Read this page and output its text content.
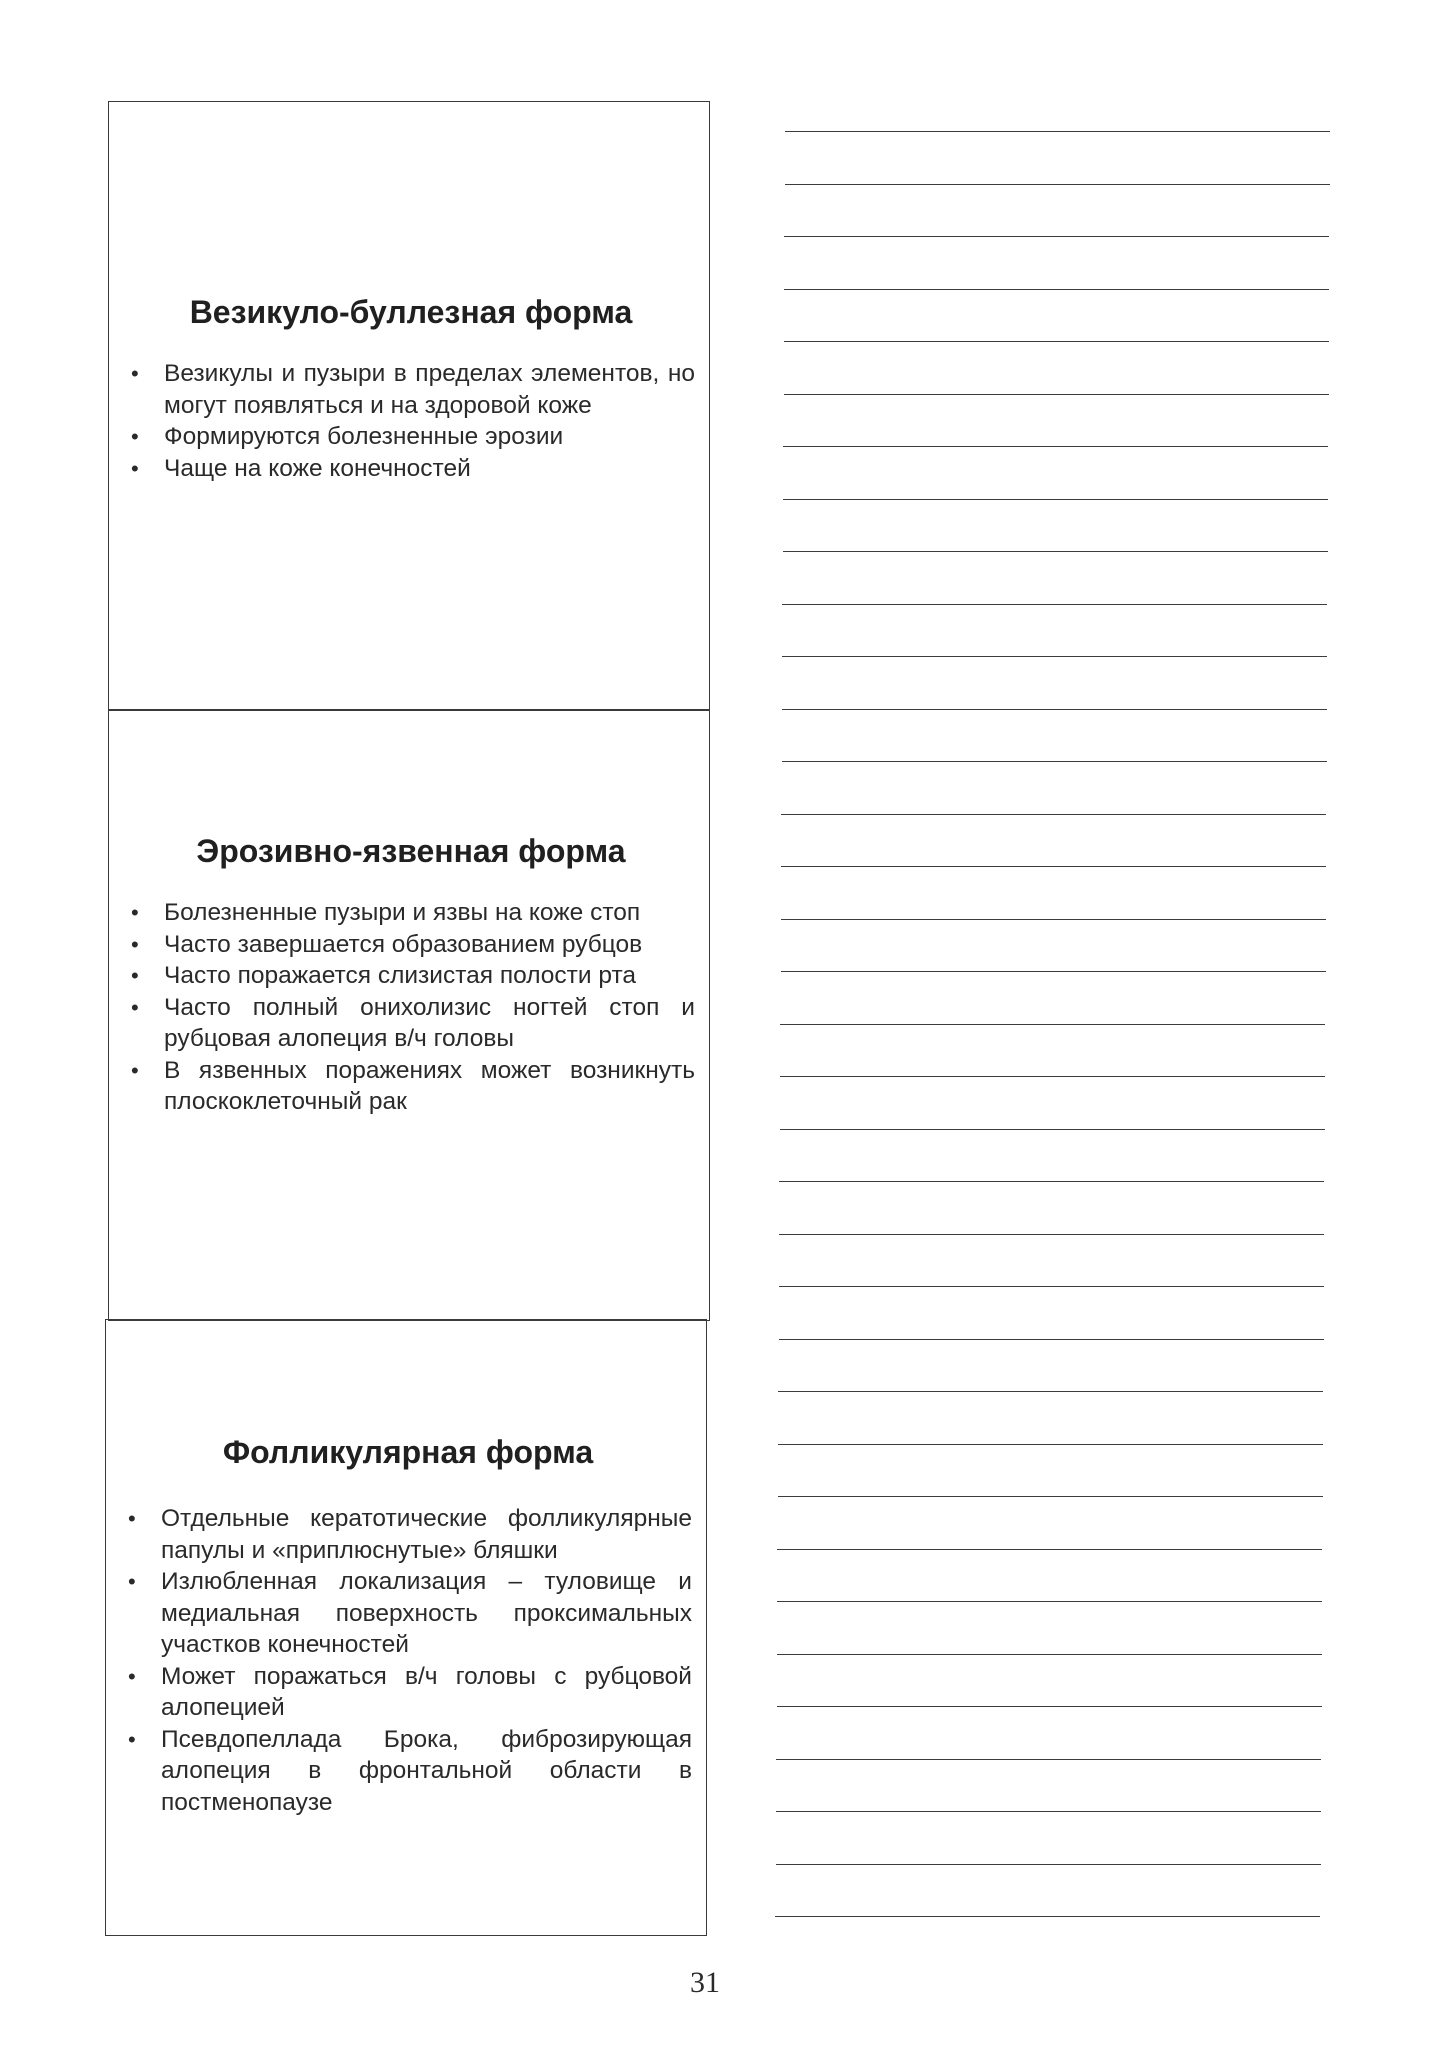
Везикуло-буллезная форма
• Везикулы и пузыри в пределах элементов, но могут появляться и на здоровой коже
• Формируются болезненные эрозии
• Чаще на коже конечностей
Эрозивно-язвенная форма
• Болезненные пузыри и язвы на коже стоп
• Часто завершается образованием рубцов
• Часто поражается слизистая полости рта
• Часто полный онихолизис ногтей стоп и рубцовая алопеция в/ч головы
• В язвенных поражениях может возникнуть плоскоклеточный рак
Фолликулярная форма
• Отдельные кератотические фолликулярные папулы и «приплюснутые» бляшки
• Излюбленная локализация – туловище и медиальная поверхность проксимальных участков конечностей
• Может поражаться в/ч головы с рубцовой алопецией
• Псевдопеллада Брока, фиброзирующая алопеция в фронтальной области в постменопаузе
31
